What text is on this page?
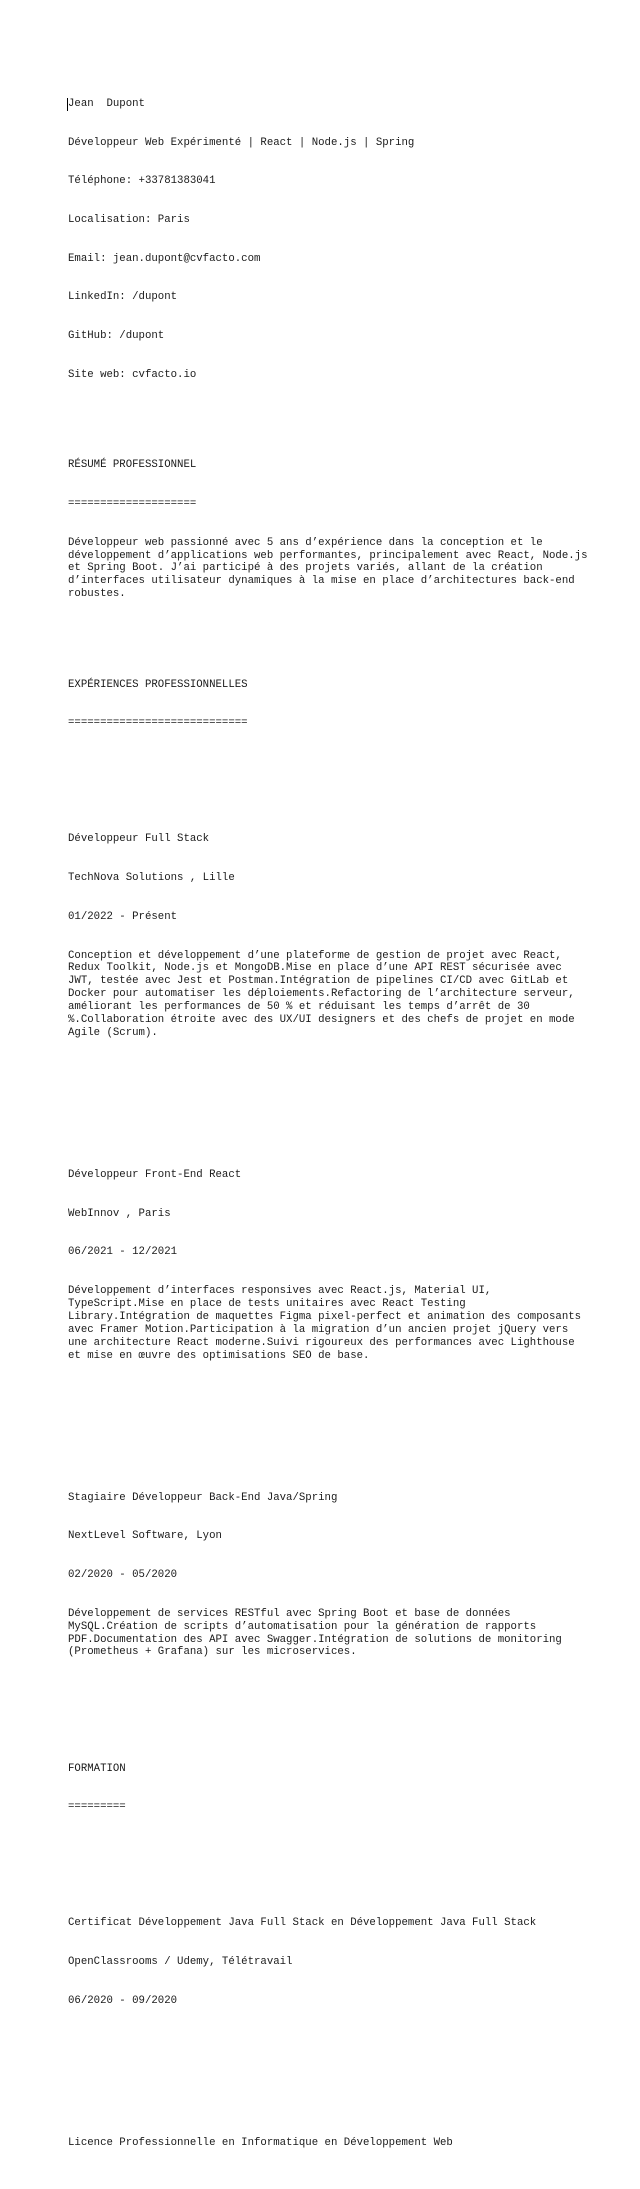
Jean  Dupont

Développeur Web Expérimenté | React | Node.js | Spring

Téléphone: +33781383041

Localisation: Paris

Email: jean.dupont@cvfacto.com

LinkedIn: /dupont

GitHub: /dupont

Site web: cvfacto.io

RÉSUMÉ PROFESSIONNEL

====================

Développeur web passionné avec 5 ans d’expérience dans la conception et le développement d’applications web performantes, principalement avec React, Node.js et Spring Boot. J’ai participé à des projets variés, allant de la création d’interfaces utilisateur dynamiques à la mise en place d’architectures back-end robustes.

EXPÉRIENCES PROFESSIONNELLES

============================

Développeur Full Stack

TechNova Solutions , Lille

01/2022 - Présent

Conception et développement d’une plateforme de gestion de projet avec React, Redux Toolkit, Node.js et MongoDB.Mise en place d’une API REST sécurisée avec JWT, testée avec Jest et Postman.Intégration de pipelines CI/CD avec GitLab et Docker pour automatiser les déploiements.Refactoring de l’architecture serveur, améliorant les performances de 50 % et réduisant les temps d’arrêt de 30 %.Collaboration étroite avec des UX/UI designers et des chefs de projet en mode Agile (Scrum).

Développeur Front-End React

WebInnov , Paris

06/2021 - 12/2021

Développement d’interfaces responsives avec React.js, Material UI, TypeScript.Mise en place de tests unitaires avec React Testing Library.Intégration de maquettes Figma pixel-perfect et animation des composants avec Framer Motion.Participation à la migration d’un ancien projet jQuery vers une architecture React moderne.Suivi rigoureux des performances avec Lighthouse et mise en œuvre des optimisations SEO de base.

Stagiaire Développeur Back-End Java/Spring

NextLevel Software, Lyon

02/2020 - 05/2020

Développement de services RESTful avec Spring Boot et base de données MySQL.Création de scripts d’automatisation pour la génération de rapports PDF.Documentation des API avec Swagger.Intégration de solutions de monitoring (Prometheus + Grafana) sur les microservices.

FORMATION

=========

Certificat Développement Java Full Stack en Développement Java Full Stack

OpenClassrooms / Udemy, Télétravail

06/2020 - 09/2020

Licence Professionnelle en Informatique en Développement Web
